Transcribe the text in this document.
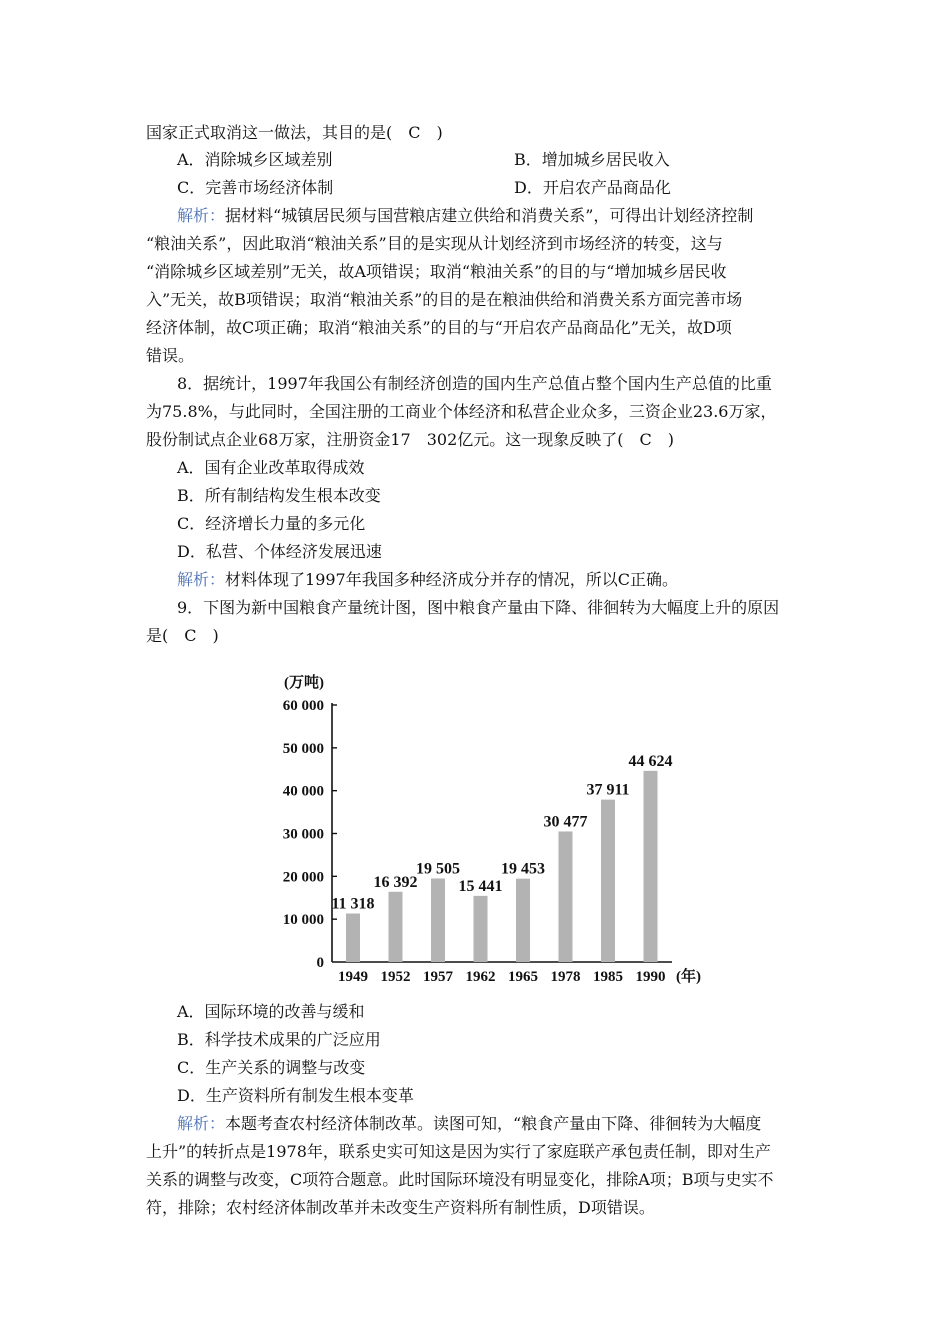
国家正式取消这一做法，其目的是(　C　)
A．消除城乡区域差别	B．增加城乡居民收入
C．完善市场经济体制	D．开启农产品商品化
解析：据材料“城镇居民须与国营粮店建立供给和消费关系”，可得出计划经济控制
“粮油关系”，因此取消“粮油关系”目的是实现从计划经济到市场经济的转变，这与
“消除城乡区域差别”无关，故A项错误；取消“粮油关系”的目的与“增加城乡居民收
入”无关，故B项错误；取消“粮油关系”的目的是在粮油供给和消费关系方面完善市场
经济体制，故C项正确；取消“粮油关系”的目的与“开启农产品商品化”无关，故D项
错误。
8．据统计，1997年我国公有制经济创造的国内生产总值占整个国内生产总值的比重
为75.8%，与此同时，全国注册的工商业个体经济和私营企业众多，三资企业23.6万家，
股份制试点企业68万家，注册资金17　302亿元。这一现象反映了(　C　)
A．国有企业改革取得成效
B．所有制结构发生根本改变
C．经济增长力量的多元化
D．私营、个体经济发展迅速
解析：材料体现了1997年我国多种经济成分并存的情况，所以C正确。
9．下图为新中国粮食产量统计图，图中粮食产量由下降、徘徊转为大幅度上升的原因
是(　C　)
(万吨)
(年)
0
10 000
20 000
30 000
40 000
50 000
60 000
11 318
16 392
19 505
15 441
19 453
30 477
37 911
44 624
1949 1952 1957 1962 1965 1978 1985 1990
A．国际环境的改善与缓和
B．科学技术成果的广泛应用
C．生产关系的调整与改变
D．生产资料所有制发生根本变革
解析：本题考查农村经济体制改革。读图可知，“粮食产量由下降、徘徊转为大幅度
上升”的转折点是1978年，联系史实可知这是因为实行了家庭联产承包责任制，即对生产
关系的调整与改变，C项符合题意。此时国际环境没有明显变化，排除A项；B项与史实不
符，排除；农村经济体制改革并未改变生产资料所有制性质，D项错误。
